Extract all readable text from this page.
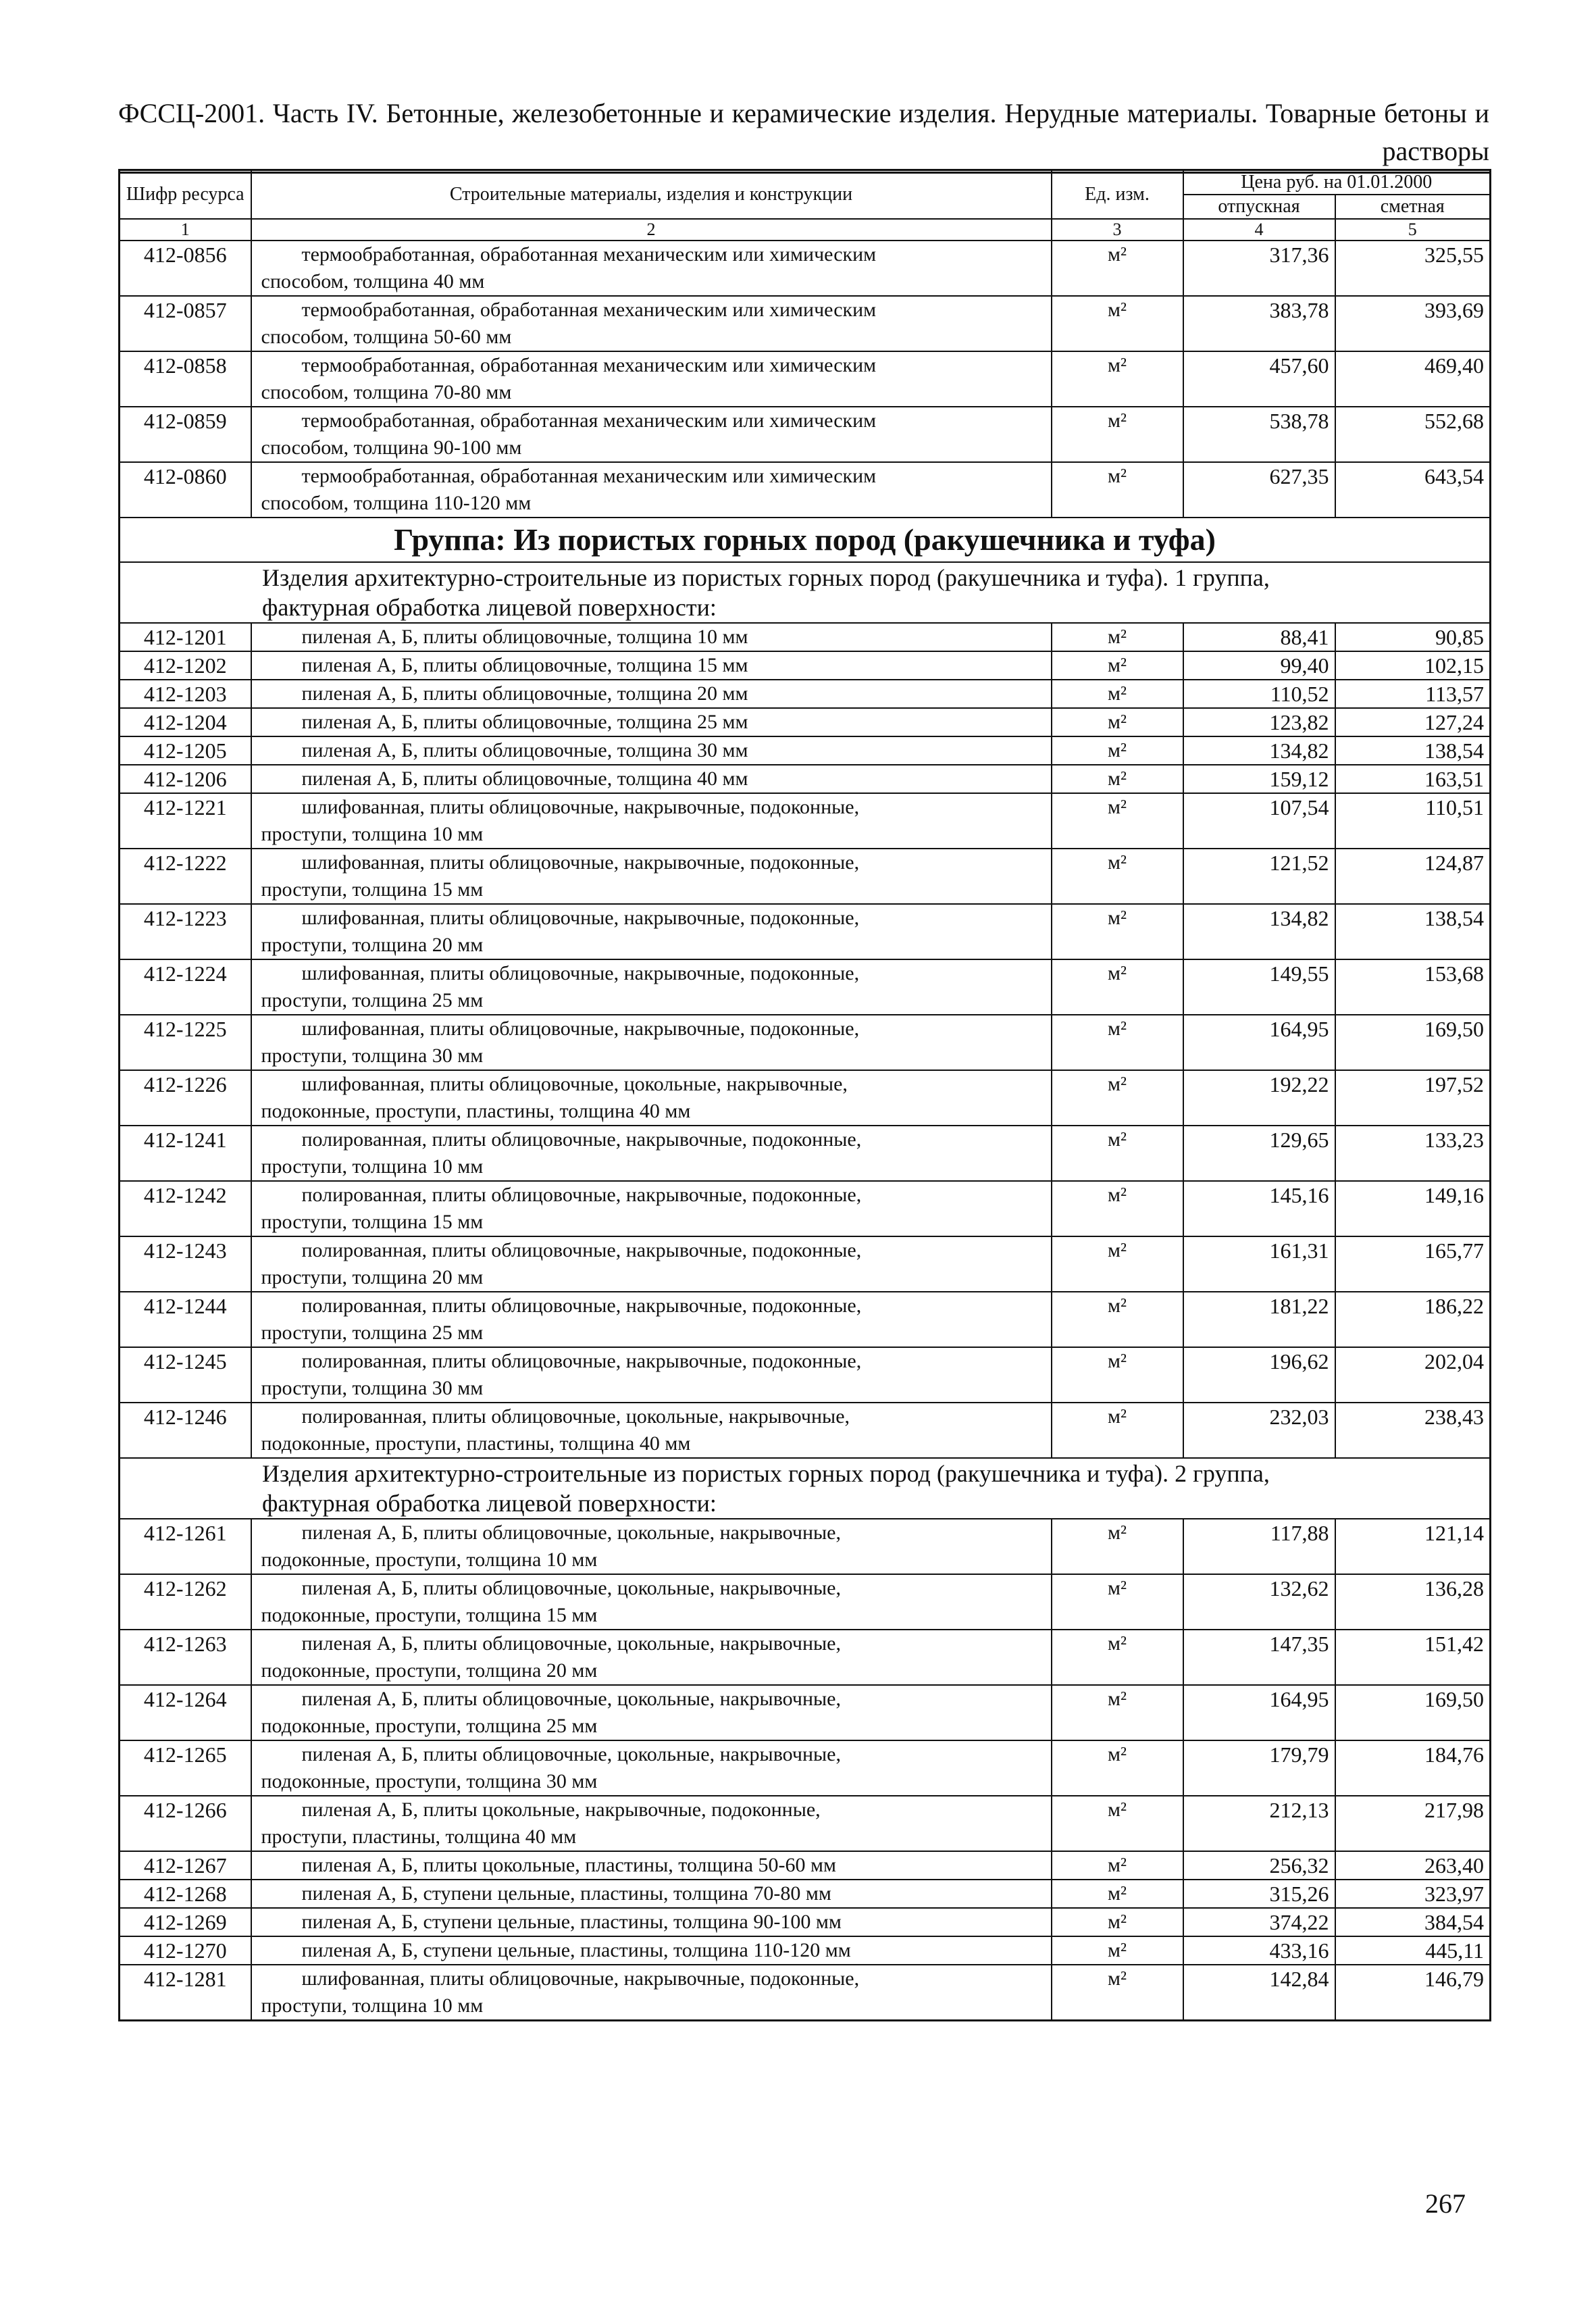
ФССЦ-2001. Часть IV. Бетонные, железобетонные и керамические изделия. Нерудные материалы. Товарные бетоны и растворы
Шифр ресурса	Строительные материалы, изделия и конструкции	Ед. изм.	Цена руб. на 01.01.2000	
			отпускная	сметная
1	2	3	4	5
412-0856	термообработанная, обработанная механическим или химическим
способом, толщина 40 мм	м²	317,36	325,55
412-0857	термообработанная, обработанная механическим или химическим
способом, толщина 50-60 мм	м²	383,78	393,69
412-0858	термообработанная, обработанная механическим или химическим
способом, толщина 70-80 мм	м²	457,60	469,40
412-0859	термообработанная, обработанная механическим или химическим
способом, толщина 90-100 мм	м²	538,78	552,68
412-0860	термообработанная, обработанная механическим или химическим
способом, толщина 110-120 мм	м²	627,35	643,54
Группа: Из пористых горных пород (ракушечника и туфа)				
Изделия архитектурно-строительные из пористых горных пород (ракушечника и туфа). 1 группа,
фактурная обработка лицевой поверхности:				
412-1201	пиленая А, Б, плиты облицовочные, толщина 10 мм	м²	88,41	90,85
412-1202	пиленая А, Б, плиты облицовочные, толщина 15 мм	м²	99,40	102,15
412-1203	пиленая А, Б, плиты облицовочные, толщина 20 мм	м²	110,52	113,57
412-1204	пиленая А, Б, плиты облицовочные, толщина 25 мм	м²	123,82	127,24
412-1205	пиленая А, Б, плиты облицовочные, толщина 30 мм	м²	134,82	138,54
412-1206	пиленая А, Б, плиты облицовочные, толщина 40 мм	м²	159,12	163,51
412-1221	шлифованная, плиты облицовочные, накрывочные, подоконные,
проступи, толщина 10 мм	м²	107,54	110,51
412-1222	шлифованная, плиты облицовочные, накрывочные, подоконные,
проступи, толщина 15 мм	м²	121,52	124,87
412-1223	шлифованная, плиты облицовочные, накрывочные, подоконные,
проступи, толщина 20 мм	м²	134,82	138,54
412-1224	шлифованная, плиты облицовочные, накрывочные, подоконные,
проступи, толщина 25 мм	м²	149,55	153,68
412-1225	шлифованная, плиты облицовочные, накрывочные, подоконные,
проступи, толщина 30 мм	м²	164,95	169,50
412-1226	шлифованная, плиты облицовочные, цокольные, накрывочные,
подоконные, проступи, пластины, толщина 40 мм	м²	192,22	197,52
412-1241	полированная, плиты облицовочные, накрывочные, подоконные,
проступи, толщина 10 мм	м²	129,65	133,23
412-1242	полированная, плиты облицовочные, накрывочные, подоконные,
проступи, толщина 15 мм	м²	145,16	149,16
412-1243	полированная, плиты облицовочные, накрывочные, подоконные,
проступи, толщина 20 мм	м²	161,31	165,77
412-1244	полированная, плиты облицовочные, накрывочные, подоконные,
проступи, толщина 25 мм	м²	181,22	186,22
412-1245	полированная, плиты облицовочные, накрывочные, подоконные,
проступи, толщина 30 мм	м²	196,62	202,04
412-1246	полированная, плиты облицовочные, цокольные, накрывочные,
подоконные, проступи, пластины, толщина 40 мм	м²	232,03	238,43
Изделия архитектурно-строительные из пористых горных пород (ракушечника и туфа). 2 группа,
фактурная обработка лицевой поверхности:				
412-1261	пиленая А, Б, плиты облицовочные, цокольные, накрывочные,
подоконные, проступи, толщина 10 мм	м²	117,88	121,14
412-1262	пиленая А, Б, плиты облицовочные, цокольные, накрывочные,
подоконные, проступи, толщина 15 мм	м²	132,62	136,28
412-1263	пиленая А, Б, плиты облицовочные, цокольные, накрывочные,
подоконные, проступи, толщина 20 мм	м²	147,35	151,42
412-1264	пиленая А, Б, плиты облицовочные, цокольные, накрывочные,
подоконные, проступи, толщина 25 мм	м²	164,95	169,50
412-1265	пиленая А, Б, плиты облицовочные, цокольные, накрывочные,
подоконные, проступи, толщина 30 мм	м²	179,79	184,76
412-1266	пиленая А, Б, плиты цокольные, накрывочные, подоконные,
проступи, пластины, толщина 40 мм	м²	212,13	217,98
412-1267	пиленая А, Б, плиты цокольные, пластины, толщина 50-60 мм	м²	256,32	263,40
412-1268	пиленая А, Б, ступени цельные, пластины, толщина 70-80 мм	м²	315,26	323,97
412-1269	пиленая А, Б, ступени цельные, пластины, толщина 90-100 мм	м²	374,22	384,54
412-1270	пиленая А, Б, ступени цельные, пластины, толщина 110-120 мм	м²	433,16	445,11
412-1281	шлифованная, плиты облицовочные, накрывочные, подоконные,
проступи, толщина 10 мм	м²	142,84	146,79
267
